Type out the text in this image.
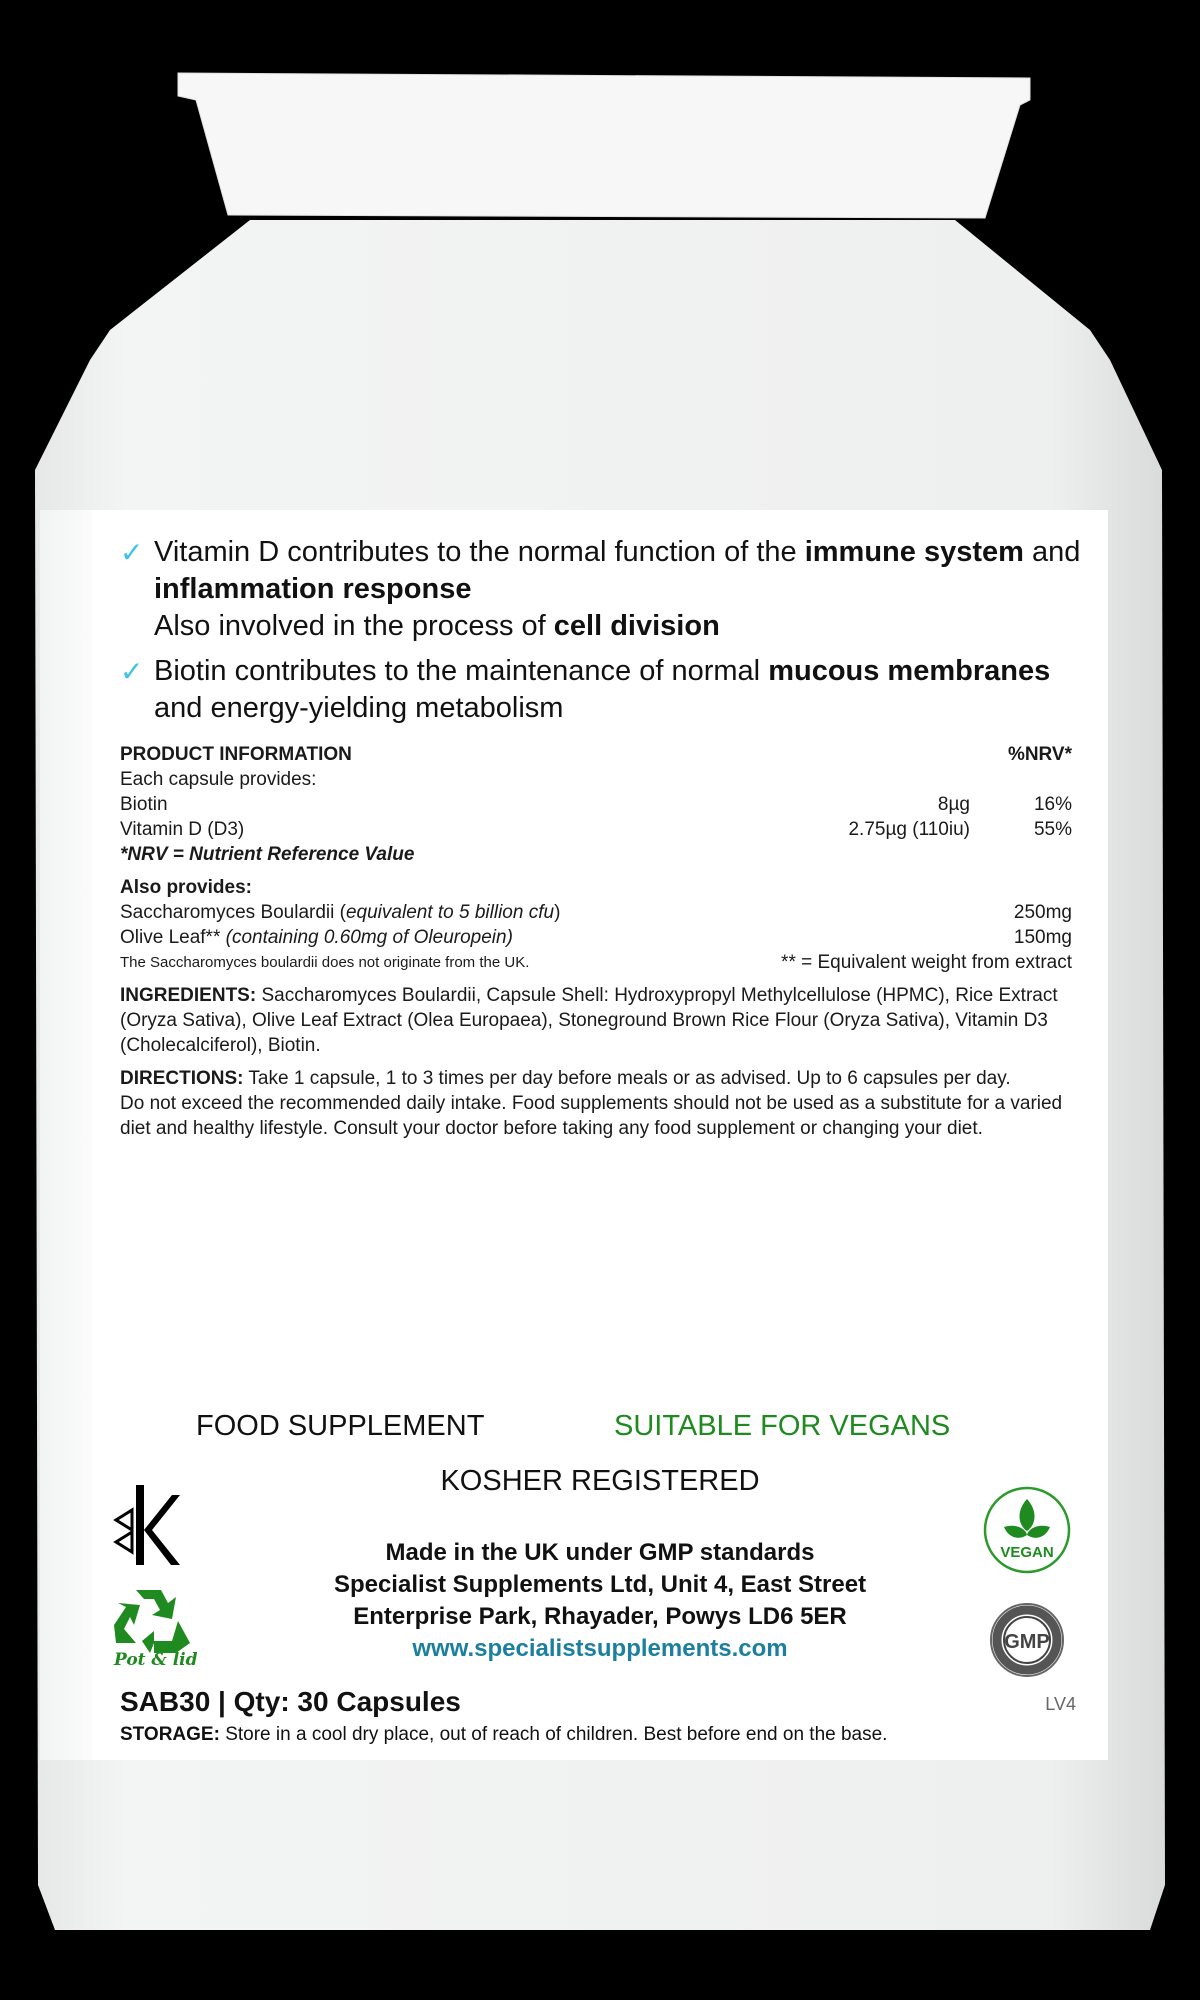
✓ Vitamin D contributes to the normal function of the immune system and inflammation response
Also involved in the process of cell division
✓ Biotin contributes to the maintenance of normal mucous membranes and energy-yielding metabolism
PRODUCT INFORMATION	%NRV*
Each capsule provides:
Biotin	8µg	16%
Vitamin D (D3)	2.75µg (110iu)	55%
*NRV = Nutrient Reference Value
Also provides:
Saccharomyces Boulardii (equivalent to 5 billion cfu)	250mg
Olive Leaf** (containing 0.60mg of Oleuropein)	150mg
The Saccharomyces boulardii does not originate from the UK.	** = Equivalent weight from extract
INGREDIENTS: Saccharomyces Boulardii, Capsule Shell: Hydroxypropyl Methylcellulose (HPMC), Rice Extract (Oryza Sativa), Olive Leaf Extract (Olea Europaea), Stoneground Brown Rice Flour (Oryza Sativa), Vitamin D3 (Cholecalciferol), Biotin.
DIRECTIONS: Take 1 capsule, 1 to 3 times per day before meals or as advised. Up to 6 capsules per day.
Do not exceed the recommended daily intake. Food supplements should not be used as a substitute for a varied diet and healthy lifestyle. Consult your doctor before taking any food supplement or changing your diet.
FOOD SUPPLEMENT	SUITABLE FOR VEGANS
KOSHER REGISTERED
Made in the UK under GMP standards
Specialist Supplements Ltd, Unit 4, East Street
Enterprise Park, Rhayader, Powys LD6 5ER
www.specialistsupplements.com
Pot & lid
VEGAN
GMP
SAB30 | Qty: 30 Capsules	LV4
STORAGE: Store in a cool dry place, out of reach of children. Best before end on the base.
